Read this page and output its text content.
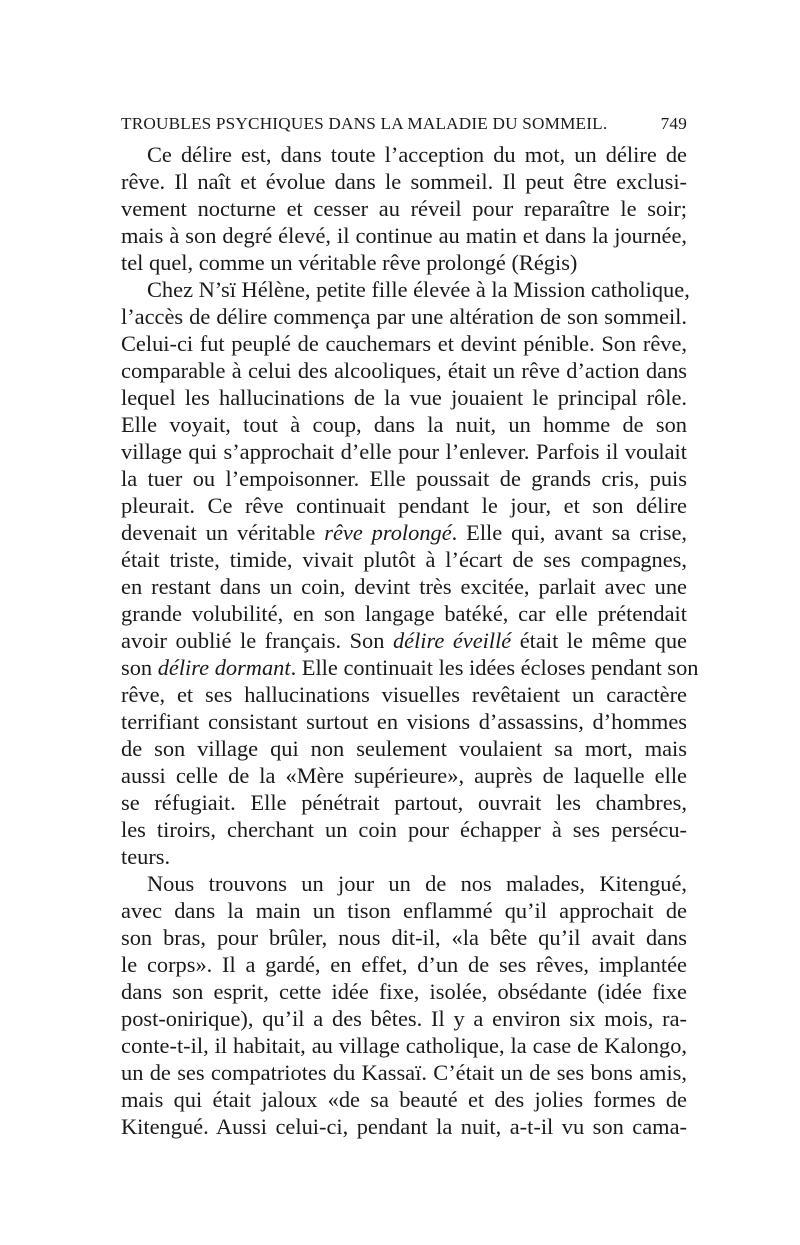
TROUBLES PSYCHIQUES DANS LA MALADIE DU SOMMEIL.	749
Ce délire est, dans toute l’acception du mot, un délire de
rêve. Il naît et évolue dans le sommeil. Il peut être exclusi-
vement nocturne et cesser au réveil pour reparaître le soir;
mais à son degré élevé, il continue au matin et dans la journée,
tel quel, comme un véritable rêve prolongé (Régis)
Chez N’sï Hélène, petite fille élevée à la Mission catholique,
l’accès de délire commença par une altération de son sommeil.
Celui-ci fut peuplé de cauchemars et devint pénible. Son rêve,
comparable à celui des alcooliques, était un rêve d’action dans
lequel les hallucinations de la vue jouaient le principal rôle.
Elle voyait, tout à coup, dans la nuit, un homme de son
village qui s’approchait d’elle pour l’enlever. Parfois il voulait
la tuer ou l’empoisonner. Elle poussait de grands cris, puis
pleurait. Ce rêve continuait pendant le jour, et son délire
devenait un véritable rêve prolongé. Elle qui, avant sa crise,
était triste, timide, vivait plutôt à l’écart de ses compagnes,
en restant dans un coin, devint très excitée, parlait avec une
grande volubilité, en son langage batéké, car elle prétendait
avoir oublié le français. Son délire éveillé était le même que
son délire dormant. Elle continuait les idées écloses pendant son
rêve, et ses hallucinations visuelles revêtaient un caractère
terrifiant consistant surtout en visions d’assassins, d’hommes
de son village qui non seulement voulaient sa mort, mais
aussi celle de la «Mère supérieure», auprès de laquelle elle
se réfugiait. Elle pénétrait partout, ouvrait les chambres,
les tiroirs, cherchant un coin pour échapper à ses persécu-
teurs.
Nous trouvons un jour un de nos malades, Kitengué,
avec dans la main un tison enflammé qu’il approchait de
son bras, pour brûler, nous dit-il, «la bête qu’il avait dans
le corps». Il a gardé, en effet, d’un de ses rêves, implantée
dans son esprit, cette idée fixe, isolée, obsédante (idée fixe
post-onirique), qu’il a des bêtes. Il y a environ six mois, ra-
conte-t-il, il habitait, au village catholique, la case de Kalongo,
un de ses compatriotes du Kassaï. C’était un de ses bons amis,
mais qui était jaloux «de sa beauté et des jolies formes de
Kitengué. Aussi celui-ci, pendant la nuit, a-t-il vu son cama-
